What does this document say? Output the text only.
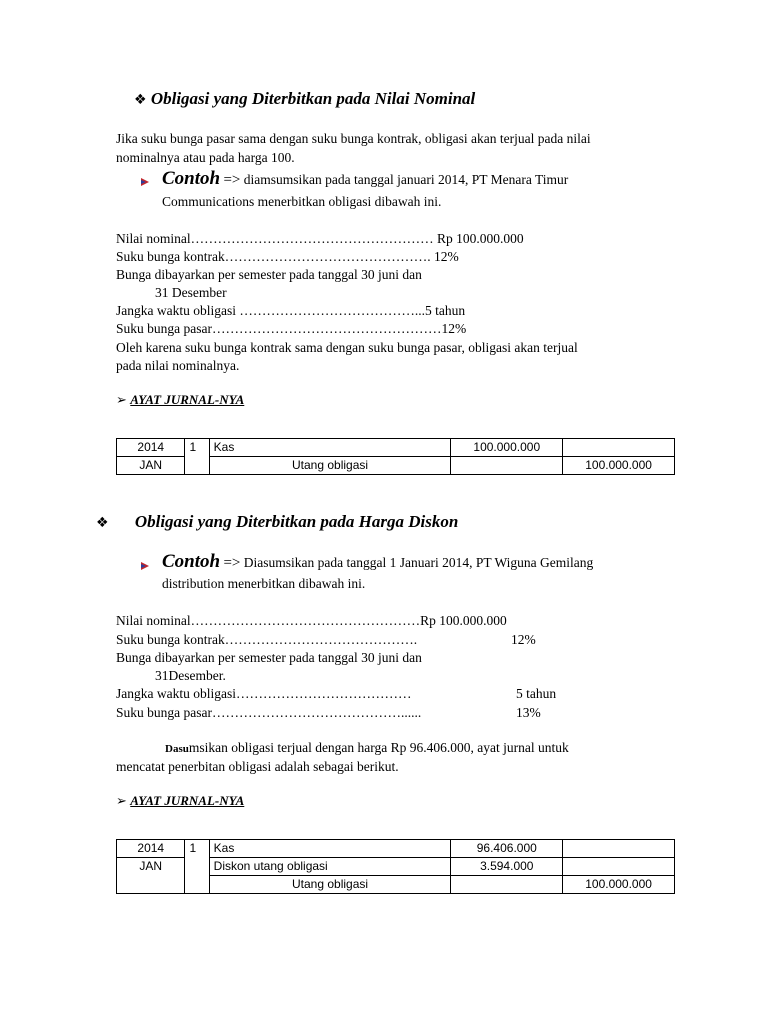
❖ Obligasi yang Diterbitkan pada Nilai Nominal
Jika suku bunga pasar sama dengan suku bunga kontrak, obligasi akan terjual pada nilai
nominalnya atau pada harga 100.
Contoh => diamsumsikan pada tanggal januari 2014, PT Menara Timur
Communications menerbitkan obligasi dibawah ini.
Nilai nominal……………………………………………… Rp 100.000.000
Suku bunga kontrak………………………………………. 12%
Bunga dibayarkan per semester pada tanggal 30 juni dan
31 Desember
Jangka waktu obligasi …………………………………...5 tahun
Suku bunga pasar……………………………………………12%
Oleh karena suku bunga kontrak sama dengan suku bunga pasar, obligasi akan terjual
pada nilai nominalnya.
➢ AYAT JURNAL-NYA
2014	1	Kas	100.000.000	
JAN		Utang obligasi		100.000.000
❖ Obligasi yang Diterbitkan pada Harga Diskon
Contoh => Diasumsikan pada tanggal 1 Januari 2014, PT Wiguna Gemilang
distribution menerbitkan dibawah ini.
Nilai nominal……………………………………………Rp 100.000.000
Suku bunga kontrak…………………………………….	12%
Bunga dibayarkan per semester pada tanggal 30 juni dan
31Desember.
Jangka waktu obligasi…………………………………	5 tahun
Suku bunga pasar……………………………………......	13%
Dasumsikan obligasi terjual dengan harga Rp 96.406.000, ayat jurnal untuk
mencatat penerbitan obligasi adalah sebagai berikut.
➢ AYAT JURNAL-NYA
2014	1	Kas	96.406.000	
JAN		Diskon utang obligasi	3.594.000	
		Utang obligasi		100.000.000
